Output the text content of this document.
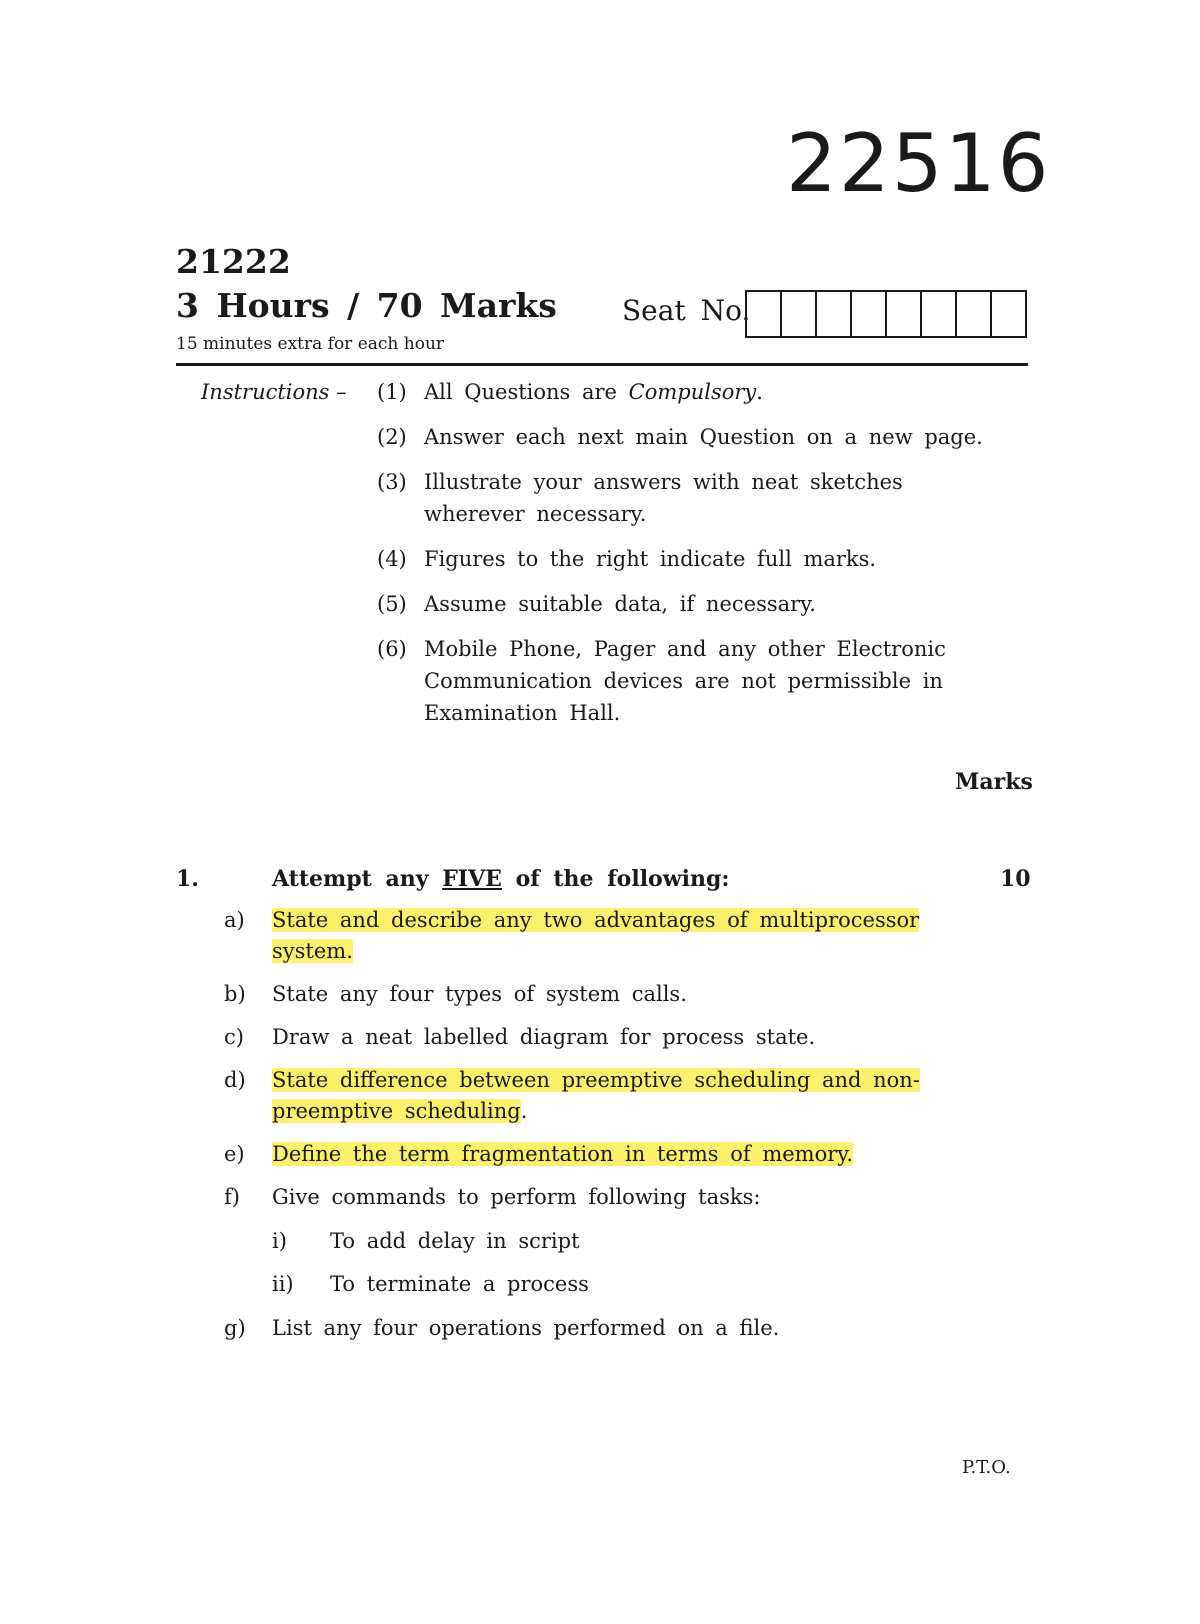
22516
21222
3 Hours / 70 Marks
15 minutes extra for each hour
Seat No.
Instructions – (1) All Questions are Compulsory.
(2) Answer each next main Question on a new page.
(3) Illustrate your answers with neat sketches wherever necessary.
(4) Figures to the right indicate full marks.
(5) Assume suitable data, if necessary.
(6) Mobile Phone, Pager and any other Electronic Communication devices are not permissible in Examination Hall.
Marks
1.	Attempt any FIVE of the following:	10
a)	State and describe any two advantages of multiprocessor system.
b)	State any four types of system calls.
c)	Draw a neat labelled diagram for process state.
d)	State difference between preemptive scheduling and non-preemptive scheduling.
e)	Define the term fragmentation in terms of memory.
f)	Give commands to perform following tasks:
i)	To add delay in script
ii)	To terminate a process
g)	List any four operations performed on a file.
P.T.O.
